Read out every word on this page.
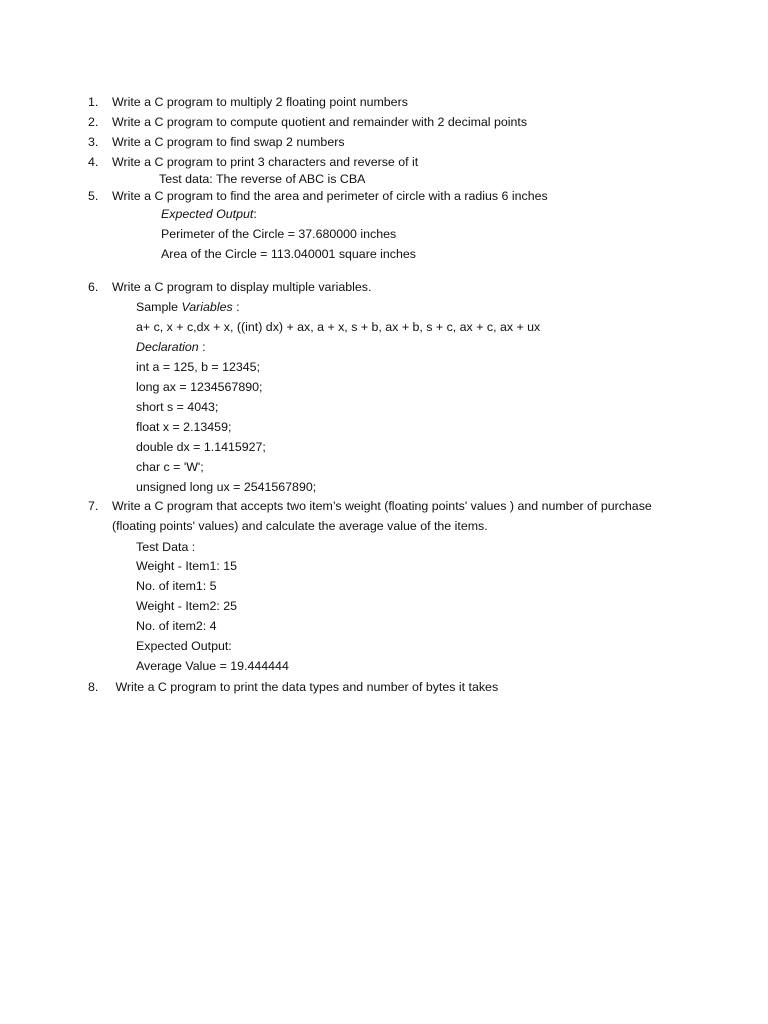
1.	Write a C program to multiply 2 floating point numbers
2.	Write a C program to compute quotient and remainder with 2 decimal points
3.	Write a C program to find swap 2 numbers
4.	Write a C program to print 3 characters and reverse of it
Test data: The reverse of ABC is CBA
5.	Write a C program to find the area and perimeter of circle with a radius 6 inches
Expected Output:
Perimeter of the Circle = 37.680000 inches
Area of the Circle = 113.040001 square inches
6.	Write a C program to display multiple variables.
Sample Variables :
a+ c, x + c,dx + x, ((int) dx) + ax, a + x, s + b, ax + b, s + c, ax + c, ax + ux
Declaration :
int a = 125, b = 12345;
long ax = 1234567890;
short s = 4043;
float x = 2.13459;
double dx = 1.1415927;
char c = 'W';
unsigned long ux = 2541567890;
7.	Write a C program that accepts two item’s weight (floating points' values ) and number of purchase
(floating points' values) and calculate the average value of the items.
Test Data :
Weight - Item1: 15
No. of item1: 5
Weight - Item2: 25
No. of item2: 4
Expected Output:
Average Value = 19.444444
8.	Write a C program to print the data types and number of bytes it takes
